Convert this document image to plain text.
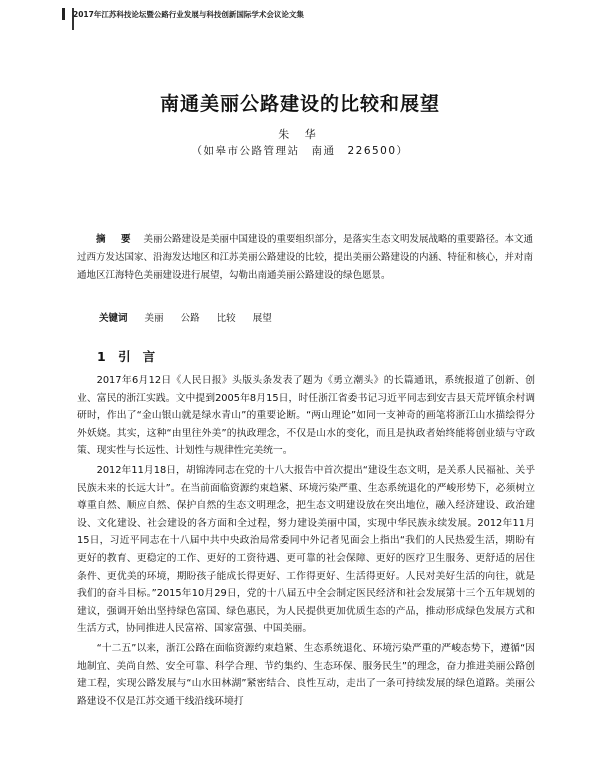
2017年江苏科技论坛暨公路行业发展与科技创新国际学术会议论文集
南通美丽公路建设的比较和展望
朱 华
（如皋市公路管理站　南通　226500）
摘　要 美丽公路建设是美丽中国建设的重要组织部分，是落实生态文明发展战略的重要路径。本文通过西方发达国家、沿海发达地区和江苏美丽公路建设的比较，提出美丽公路建设的内涵、特征和核心，并对南通地区江海特色美丽建设进行展望，勾勒出南通美丽公路建设的绿色愿景。
关键词 美丽 公路 比较 展望
1 引言

2017年6月12日《人民日报》头版头条发表了题为《勇立潮头》的长篇通讯，系统报道了创新、创业、富民的浙江实践。文中提到2005年8月15日，时任浙江省委书记习近平同志到安吉县天荒坪镇余村调研时，作出了“金山银山就是绿水青山”的重要论断。“两山理论”如同一支神奇的画笔将浙江山水描绘得分外妖娆。其实，这种“由里往外美”的执政理念，不仅是山水的变化，而且是执政者始终能将创业绩与守政策、现实性与长远性、计划性与规律性完美统一。

2012年11月18日，胡锦涛同志在党的十八大报告中首次提出“建设生态文明，是关系人民福祉、关乎民族未来的长远大计”。在当前面临资源约束趋紧、环境污染严重、生态系统退化的严峻形势下，必须树立尊重自然、顺应自然、保护自然的生态文明理念，把生态文明建设放在突出地位，融入经济建设、政治建设、文化建设、社会建设的各方面和全过程，努力建设美丽中国，实现中华民族永续发展。2012年11月15日，习近平同志在十八届中共中央政治局常委同中外记者见面会上指出“我们的人民热爱生活，期盼有更好的教育、更稳定的工作、更好的工资待遇、更可靠的社会保障、更好的医疗卫生服务、更舒适的居住条件、更优美的环境，期盼孩子能成长得更好、工作得更好、生活得更好。人民对美好生活的向往，就是我们的奋斗目标。”2015年10月29日，党的十八届五中全会制定医民经济和社会发展第十三个五年规划的建议，强调开始出坚持绿色富国、绿色惠民，为人民提供更加优质生态的产品，推动形成绿色发展方式和生活方式，协同推进人民富裕、国家富强、中国美丽。

“十二五”以来，浙江公路在面临资源约束趋紧、生态系统退化、环境污染严重的严峻态势下，遵循“因地制宜、美尚自然、安全可靠、科学合理、节约集约、生态环保、服务民生”的理念，奋力推进美丽公路创建工程，实现公路发展与“山水田林湖”紧密结合、良性互动，走出了一条可持续发展的绿色道路。美丽公路建设不仅是江苏交通干线沿线环境打
